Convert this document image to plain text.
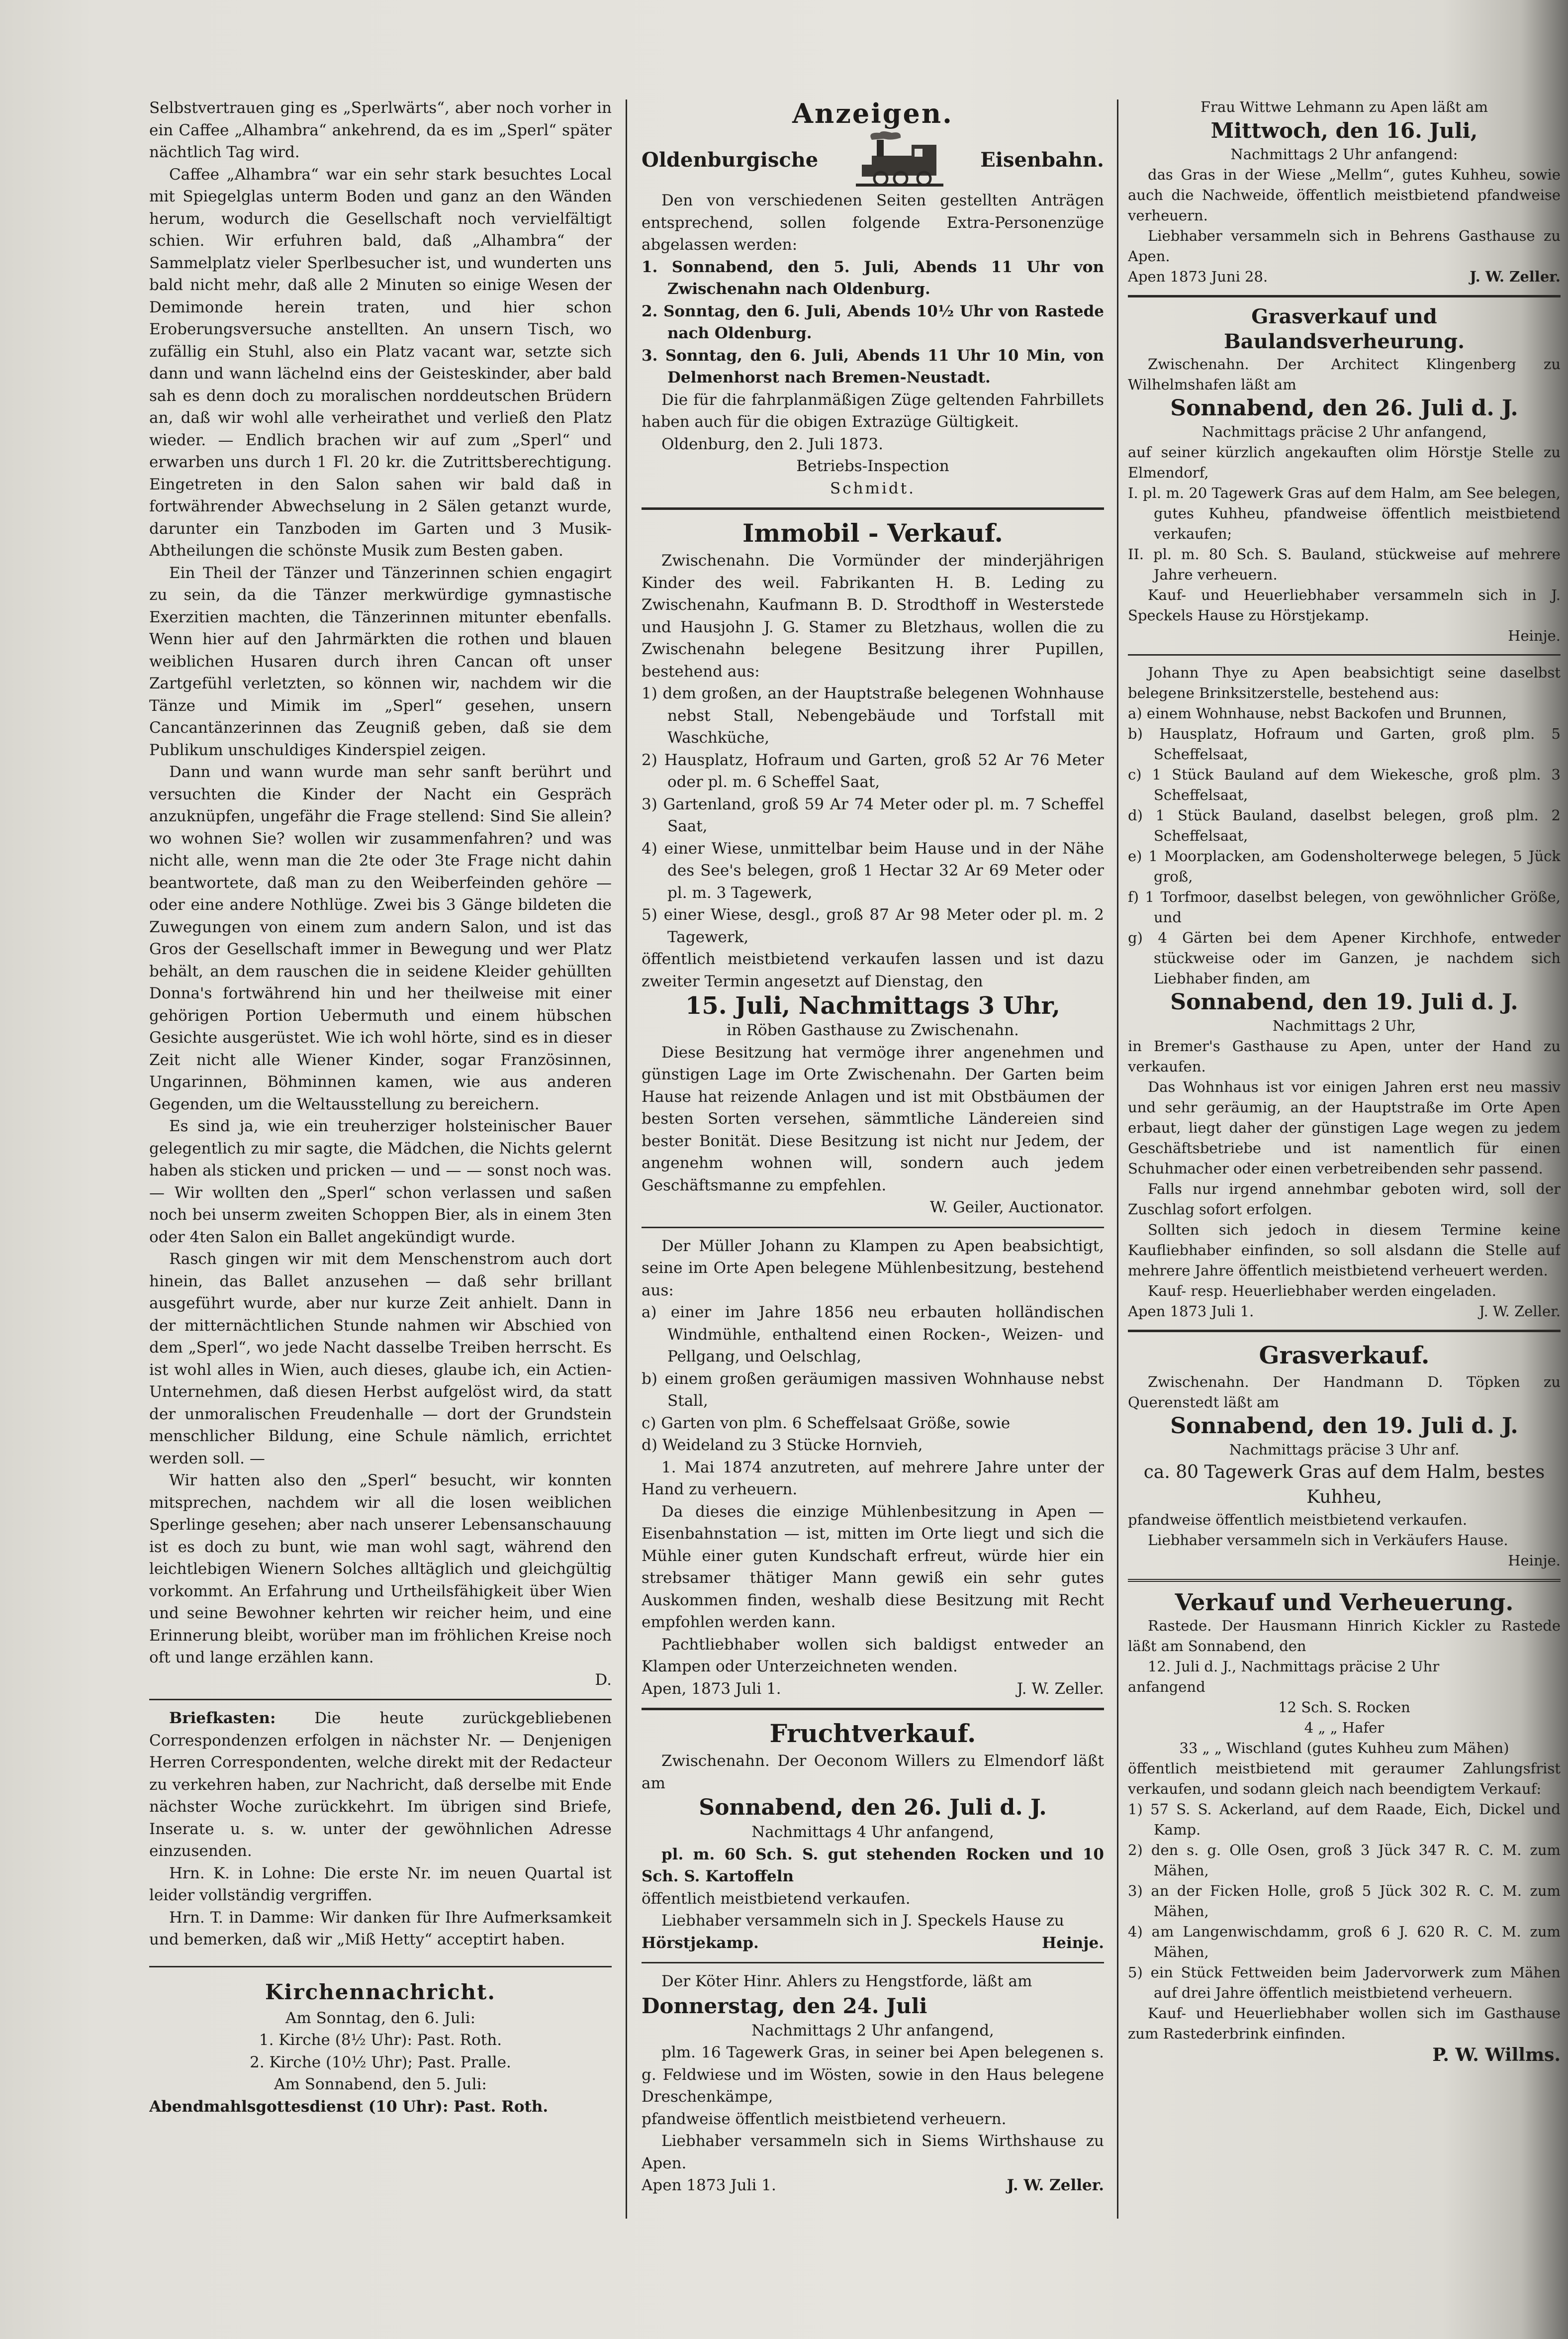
Selbstvertrauen ging es „Sperlwärts“, aber noch vorher in ein Caffee „Alhambra“ ankehrend, da es im „Sperl“ später nächtlich Tag wird.

Caffee „Alhambra“ war ein sehr stark besuchtes Local mit Spiegelglas unterm Boden und ganz an den Wänden herum, wodurch die Gesellschaft noch vervielfältigt schien. Wir erfuhren bald, daß „Alhambra“ der Sammelplatz vieler Sperlbesucher ist, und wunderten uns bald nicht mehr, daß alle 2 Minuten so einige Wesen der Demimonde herein traten, und hier schon Eroberungsversuche anstellten. An unsern Tisch, wo zufällig ein Stuhl, also ein Platz vacant war, setzte sich dann und wann lächelnd eins der Geisteskinder, aber bald sah es denn doch zu moralischen norddeutschen Brüdern an, daß wir wohl alle verheirathet und verließ den Platz wieder. — Endlich brachen wir auf zum „Sperl“ und erwarben uns durch 1 Fl. 20 kr. die Zutrittsberechtigung. Eingetreten in den Salon sahen wir bald daß in fortwährender Abwechselung in 2 Sälen getanzt wurde, darunter ein Tanzboden im Garten und 3 Musik-Abtheilungen die schönste Musik zum Besten gaben.

Ein Theil der Tänzer und Tänzerinnen schien engagirt zu sein, da die Tänzer merkwürdige gymnastische Exerzitien machten, die Tänzerinnen mitunter ebenfalls. Wenn hier auf den Jahrmärkten die rothen und blauen weiblichen Husaren durch ihren Cancan oft unser Zartgefühl verletzten, so können wir, nachdem wir die Tänze und Mimik im „Sperl“ gesehen, unsern Cancantänzerinnen das Zeugniß geben, daß sie dem Publikum unschuldiges Kinderspiel zeigen.

Dann und wann wurde man sehr sanft berührt und versuchten die Kinder der Nacht ein Gespräch anzuknüpfen, ungefähr die Frage stellend: Sind Sie allein? wo wohnen Sie? wollen wir zusammenfahren? und was nicht alle, wenn man die 2te oder 3te Frage nicht dahin beantwortete, daß man zu den Weiberfeinden gehöre — oder eine andere Nothlüge. Zwei bis 3 Gänge bildeten die Zuwegungen von einem zum andern Salon, und ist das Gros der Gesellschaft immer in Bewegung und wer Platz behält, an dem rauschen die in seidene Kleider gehüllten Donna's fortwährend hin und her theilweise mit einer gehörigen Portion Uebermuth und einem hübschen Gesichte ausgerüstet. Wie ich wohl hörte, sind es in dieser Zeit nicht alle Wiener Kinder, sogar Französinnen, Ungarinnen, Böhminnen kamen, wie aus anderen Gegenden, um die Weltausstellung zu bereichern.

Es sind ja, wie ein treuherziger holsteinischer Bauer gelegentlich zu mir sagte, die Mädchen, die Nichts gelernt haben als sticken und pricken — und — — sonst noch was. — Wir wollten den „Sperl“ schon verlassen und saßen noch bei unserm zweiten Schoppen Bier, als in einem 3ten oder 4ten Salon ein Ballet angekündigt wurde.

Rasch gingen wir mit dem Menschenstrom auch dort hinein, das Ballet anzusehen — daß sehr brillant ausgeführt wurde, aber nur kurze Zeit anhielt. Dann in der mitternächtlichen Stunde nahmen wir Abschied von dem „Sperl“, wo jede Nacht dasselbe Treiben herrscht. Es ist wohl alles in Wien, auch dieses, glaube ich, ein Actien-Unternehmen, daß diesen Herbst aufgelöst wird, da statt der unmoralischen Freudenhalle — dort der Grundstein menschlicher Bildung, eine Schule nämlich, errichtet werden soll. —

Wir hatten also den „Sperl“ besucht, wir konnten mitsprechen, nachdem wir all die losen weiblichen Sperlinge gesehen; aber nach unserer Lebensanschauung ist es doch zu bunt, wie man wohl sagt, während den leichtlebigen Wienern Solches alltäglich und gleichgültig vorkommt. An Erfahrung und Urtheilsfähigkeit über Wien und seine Bewohner kehrten wir reicher heim, und eine Erinnerung bleibt, worüber man im fröhlichen Kreise noch oft und lange erzählen kann.

D.

Briefkasten:	Die heute zurückgebliebenen Correspondenzen erfolgen in nächster Nr. — Denjenigen Herren Correspondenten, welche direkt mit der Redacteur zu verkehren haben, zur Nachricht, daß derselbe mit Ende nächster Woche zurückkehrt. Im übrigen sind Briefe, Inserate u. s. w. unter der gewöhnlichen Adresse einzusenden.

Hrn. K. in Lohne: Die erste Nr. im neuen Quartal ist leider vollständig vergriffen.

Hrn. T. in Damme: Wir danken für Ihre Aufmerksamkeit und bemerken, daß wir „Miß Hetty“ acceptirt haben.

Kirchennachricht.

Am Sonntag, den 6. Juli:

1. Kirche (8½ Uhr): Past. Roth.

2. Kirche (10½ Uhr); Past. Pralle.

Am Sonnabend, den 5. Juli:

Abendmahlsgottesdienst (10 Uhr): Past. Roth.

Anzeigen.
Oldenburgische	Eisenbahn.

Den von verschiedenen Seiten gestellten Anträgen entsprechend, sollen folgende Extra-Personenzüge abgelassen werden:

1. Sonnabend, den 5. Juli, Abends 11 Uhr von Zwischenahn nach Oldenburg.

2. Sonntag, den 6. Juli, Abends 10½ Uhr von Rastede nach Oldenburg.

3. Sonntag, den 6. Juli, Abends 11 Uhr 10 Min, von Delmenhorst nach Bremen-Neustadt.

Die für die fahrplanmäßigen Züge geltenden Fahrbillets haben auch für die obigen Extrazüge Gültigkeit.

Oldenburg, den 2. Juli 1873.

Betriebs-Inspection

Schmidt.

Immobil - Verkauf.

Zwischenahn. Die Vormünder der minderjährigen Kinder des weil. Fabrikanten H. B. Leding zu Zwischenahn, Kaufmann B. D. Strodthoff in Westerstede und Hausjohn J. G. Stamer zu Bletzhaus, wollen die zu Zwischenahn belegene Besitzung ihrer Pupillen, bestehend aus:

1) dem großen, an der Hauptstraße belegenen Wohnhause nebst Stall, Nebengebäude und Torfstall mit Waschküche,

2) Hausplatz, Hofraum und Garten, groß 52 Ar 76 Meter oder pl. m. 6 Scheffel Saat,

3) Gartenland, groß 59 Ar 74 Meter oder pl. m. 7 Scheffel Saat,

4) einer Wiese, unmittelbar beim Hause und in der Nähe des See's belegen, groß 1 Hectar 32 Ar 69 Meter oder pl. m. 3 Tagewerk,

5) einer Wiese, desgl., groß 87 Ar 98 Meter oder pl. m. 2 Tagewerk,

öffentlich meistbietend verkaufen lassen und ist dazu zweiter Termin angesetzt auf Dienstag, den

15. Juli, Nachmittags 3 Uhr,

in Röben Gasthause zu Zwischenahn.

Diese Besitzung hat vermöge ihrer angenehmen und günstigen Lage im Orte Zwischenahn. Der Garten beim Hause hat reizende Anlagen und ist mit Obstbäumen der besten Sorten versehen, sämmtliche Ländereien sind bester Bonität. Diese Besitzung ist nicht nur Jedem, der angenehm wohnen will, sondern auch jedem Geschäftsmanne zu empfehlen.

W. Geiler, Auctionator.

Der Müller Johann zu Klampen zu Apen beabsichtigt, seine im Orte Apen belegene Mühlenbesitzung, bestehend aus:

a) einer im Jahre 1856 neu erbauten holländischen Windmühle, enthaltend einen Rocken-, Weizen- und Pellgang, und Oelschlag,

b) einem großen geräumigen massiven Wohnhause nebst Stall,

c) Garten von plm. 6 Scheffelsaat Größe, sowie

d) Weideland zu 3 Stücke Hornvieh,

1. Mai 1874 anzutreten, auf mehrere Jahre unter der Hand zu verheuern.

Da dieses die einzige Mühlenbesitzung in Apen — Eisenbahnstation — ist, mitten im Orte liegt und sich die Mühle einer guten Kundschaft erfreut, würde hier ein strebsamer thätiger Mann gewiß ein sehr gutes Auskommen finden, weshalb diese Besitzung mit Recht empfohlen werden kann.

Pachtliebhaber wollen sich baldigst entweder an Klampen oder Unterzeichneten wenden.

Apen, 1873 Juli 1.	J. W. Zeller.
Fruchtverkauf.

Zwischenahn. Der Oeconom Willers zu Elmendorf läßt am

Sonnabend, den 26. Juli d. J.

Nachmittags 4 Uhr anfangend,

pl. m. 60 Sch. S. gut stehenden Rocken und 10 Sch. S. Kartoffeln

öffentlich meistbietend verkaufen.

Liebhaber versammeln sich in J. Speckels Hause zu

Hörstjekamp.	Heinje.

Der Köter Hinr. Ahlers zu Hengstforde, läßt am

Donnerstag, den 24. Juli

Nachmittags 2 Uhr anfangend,

plm. 16 Tagewerk Gras, in seiner bei Apen belegenen s. g. Feldwiese und im Wösten, sowie in den Haus belegene Dreschenkämpe,

pfandweise öffentlich meistbietend verheuern.

Liebhaber versammeln sich in Siems Wirthshause zu Apen.

Apen 1873 Juli 1.	J. W. Zeller.

Frau Wittwe Lehmann zu Apen läßt am

Mittwoch, den 16. Juli,

Nachmittags 2 Uhr anfangend:

das Gras in der Wiese „Mellm“, gutes Kuhheu, sowie auch die Nachweide, öffentlich meistbietend pfandweise verheuern.

Liebhaber versammeln sich in Behrens Gasthause zu Apen.

Apen 1873 Juni 28.	J. W. Zeller.
Grasverkauf und Baulandsverheurung.

Zwischenahn. Der Architect Klingenberg zu Wilhelmshafen läßt am

Sonnabend, den 26. Juli d. J.

Nachmittags präcise 2 Uhr anfangend,

auf seiner kürzlich angekauften olim Hörstje Stelle zu Elmendorf,

I. pl. m. 20 Tagewerk Gras auf dem Halm, am See belegen, gutes Kuhheu, pfandweise öffentlich meistbietend verkaufen;

II. pl. m. 80 Sch. S. Bauland, stückweise auf mehrere Jahre verheuern.

Kauf- und Heuerliebhaber versammeln sich in J. Speckels Hause zu Hörstjekamp.

Heinje.

Johann Thye zu Apen beabsichtigt seine daselbst belegene Brinksitzerstelle, bestehend aus:

a) einem Wohnhause, nebst Backofen und Brunnen,

b) Hausplatz, Hofraum und Garten, groß plm. 5 Scheffelsaat,

c) 1 Stück Bauland auf dem Wiekesche, groß plm. 3 Scheffelsaat,

d) 1 Stück Bauland, daselbst belegen, groß plm. 2 Scheffelsaat,

e) 1 Moorplacken, am Godensholterwege belegen, 5 Jück groß,

f) 1 Torfmoor, daselbst belegen, von gewöhnlicher Größe, und

g) 4 Gärten bei dem Apener Kirchhofe, entweder stückweise oder im Ganzen, je nachdem sich Liebhaber finden, am

Sonnabend, den 19. Juli d. J.

Nachmittags 2 Uhr,

in Bremer's Gasthause zu Apen, unter der Hand zu verkaufen.

Das Wohnhaus ist vor einigen Jahren erst neu massiv und sehr geräumig, an der Hauptstraße im Orte Apen erbaut, liegt daher der günstigen Lage wegen zu jedem Geschäftsbetriebe und ist namentlich für einen Schuhmacher oder einen verbetreibenden sehr passend.

Falls nur irgend annehmbar geboten wird, soll der Zuschlag sofort erfolgen.

Sollten sich jedoch in diesem Termine keine Kaufliebhaber einfinden, so soll alsdann die Stelle auf mehrere Jahre öffentlich meistbietend verheuert werden.

Kauf- resp. Heuerliebhaber werden eingeladen.

Apen 1873 Juli 1.	J. W. Zeller.
Grasverkauf.

Zwischenahn. Der Handmann D. Töpken zu Querenstedt läßt am

Sonnabend, den 19. Juli d. J.

Nachmittags präcise 3 Uhr anf.

ca. 80 Tagewerk Gras auf dem Halm, bestes Kuhheu,

pfandweise öffentlich meistbietend verkaufen.

Liebhaber versammeln sich in Verkäufers Hause.

Heinje.

Verkauf und Verheuerung.

Rastede. Der Hausmann Hinrich Kickler zu Rastede läßt am Sonnabend, den

12. Juli d. J., Nachmittags präcise 2 Uhr

anfangend

12 Sch. S. Rocken

4 „ „ Hafer

33 „ „ Wischland (gutes Kuhheu zum Mähen)

öffentlich meistbietend mit geraumer Zahlungsfrist verkaufen, und sodann gleich nach beendigtem Verkauf:

1) 57 S. S. Ackerland, auf dem Raade, Eich, Dickel und Kamp.

2) den s. g. Olle Osen, groß 3 Jück 347 R. C. M. zum Mähen,

3) an der Ficken Holle, groß 5 Jück 302 R. C. M. zum Mähen,

4) am Langenwischdamm, groß 6 J. 620 R. C. M. zum Mähen,

5) ein Stück Fettweiden beim Jadervorwerk zum Mähen auf drei Jahre öffentlich meistbietend verheuern.

Kauf- und Heuerliebhaber wollen sich im Gasthause zum Rastederbrink einfinden.

P. W. Willms.
